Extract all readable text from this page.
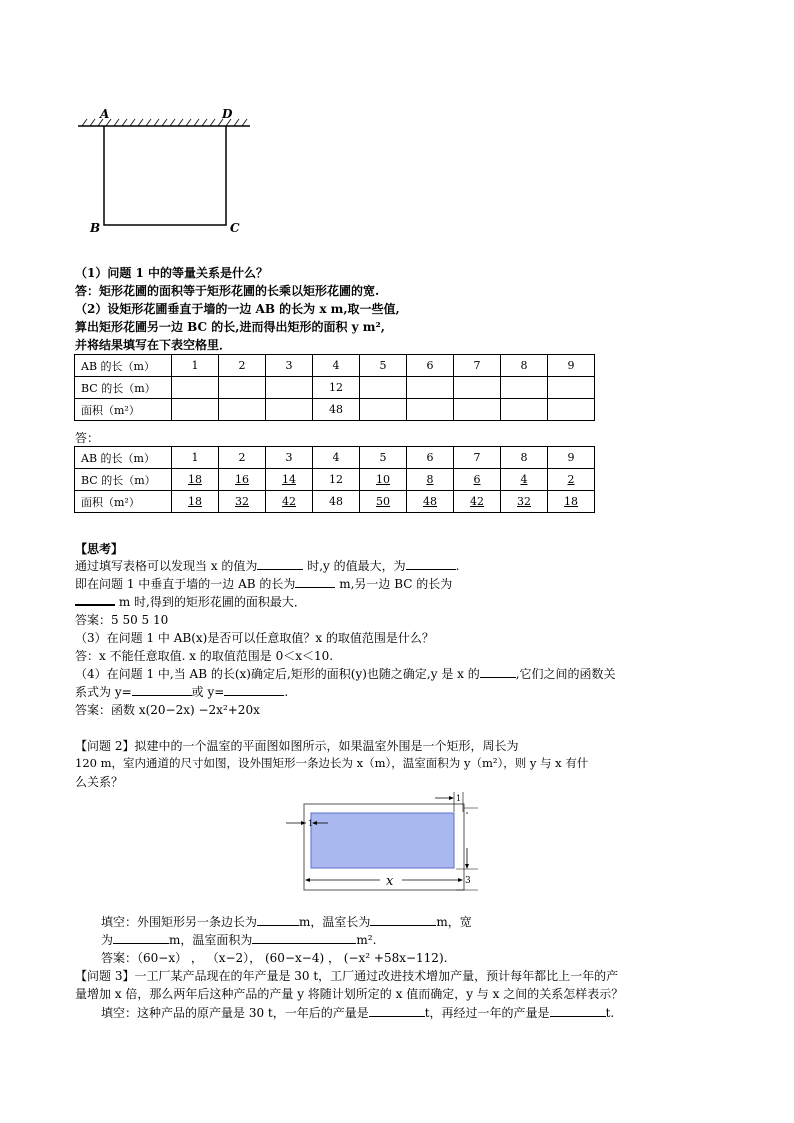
A	D
B	C
（1）问题 1 中的等量关系是什么？
答：矩形花圃的面积等于矩形花圃的长乘以矩形花圃的宽.
（2）设矩形花圃垂直于墙的一边 AB 的长为 x m,取一些值,
算出矩形花圃另一边 BC 的长,进而得出矩形的面积 y m²,
并将结果填写在下表空格里．
AB 的长（m）	1	2	3	4	5	6	7	8	9
BC 的长（m）				12					
面积（m²）				48					
答：
AB 的长（m）	1	2	3	4	5	6	7	8	9
BC 的长（m）	18	16	14	12	10	8	6	4	2
面积（m²）	18	32	42	48	50	48	42	32	18
【思考】
通过填写表格可以发现当 x 的值为	时,y 的值最大，为	.
即在问题 1 中垂直于墙的一边 AB 的长为	m,另一边 BC 的长为
m 时,得到的矩形花圃的面积最大．
答案：5 50 5 10
（3）在问题 1 中 AB(x)是否可以任意取值？x 的取值范围是什么？
答：x 不能任意取值. x 的取值范围是 0＜x＜10.
（4）在问题 1 中,当 AB 的长(x)确定后,矩形的面积(y)也随之确定,y 是 x 的	,它们之间的函数关
系式为 y=	或 y=	.
答案：函数 x(20−2x) −2x²+20x
【问题 2】拟建中的一个温室的平面图如图所示，如果温室外围是一个矩形，周长为
120 m，室内通道的尺寸如图，设外围矩形一条边长为 x（m），温室面积为 y（m²），则 y 与 x 有什
么关系？
1
1
3
x
填空：外围矩形另一条边长为	m，温室长为	m，宽
为	m，温室面积为	m².
答案：（60−x） ， （x−2）， (60−x−4) ， (−x² +58x−112).
【问题 3】一工厂某产品现在的年产量是 30 t，工厂通过改进技术增加产量，预计每年都比上一年的产
量增加 x 倍，那么两年后这种产品的产量 y 将随计划所定的 x 值而确定，y 与 x 之间的关系怎样表示？
填空：这种产品的原产量是 30 t，一年后的产量是	t，再经过一年的产量是	t.
